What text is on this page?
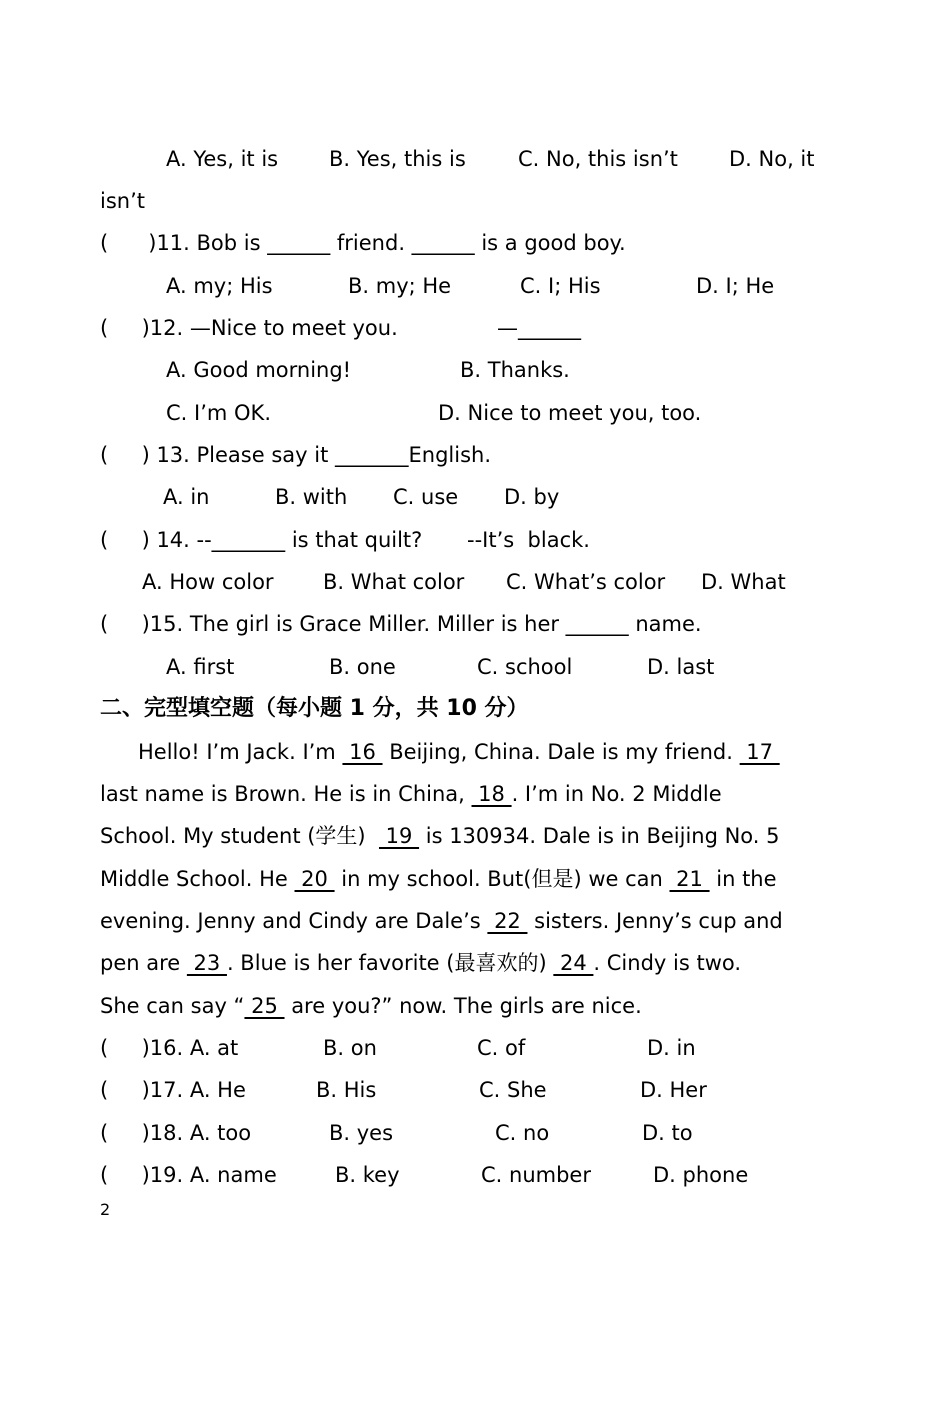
A. Yes, it is

B. Yes, this is

C. No, this isn’t

D. No, it

isn’t

(      )11. Bob is ______ friend. ______ is a good boy.

A. my; His

	B. my; He

	C. I; His

	D. I; He

(     )12. —Nice to meet you.

	—______

A. Good morning!

	B. Thanks.

C. I’m OK.

	D. Nice to meet you, too.

(     ) 13. Please say it _______English.

A. in

	B. with

C. use

D. by

(     ) 14. --_______ is that quilt?

--It’s  black.

A. How color

B. What color

C. What’s color

D. What

(     )15. The girl is Grace Miller. Miller is her ______ name.

A. first

	B. one

	C. school

	D. last

二、完型填空题（每小题 1 分，共 10 分）

Hello! I’m Jack. I’m  16  Beijing, China. Dale is my friend.  17

last name is Brown. He is in China,  18 . I’m in No. 2 Middle

School. My student (学生)   19  is 130934. Dale is in Beijing No. 5

Middle School. He  20  in my school. But(但是) we can  21  in the

evening. Jenny and Cindy are Dale’s  22  sisters. Jenny’s cup and

pen are  23 . Blue is her favorite (最喜欢的)  24 . Cindy is two.

She can say “ 25  are you?” now. The girls are nice.

(     )16. A. at

	B. on

	C. of

	D. in

(     )17. A. He

	B. His

	C. She

	D. Her

(     )18. A. too

	B. yes

	C. no

	D. to

(     )19. A. name

	B. key

	C. number

	D. phone

2
